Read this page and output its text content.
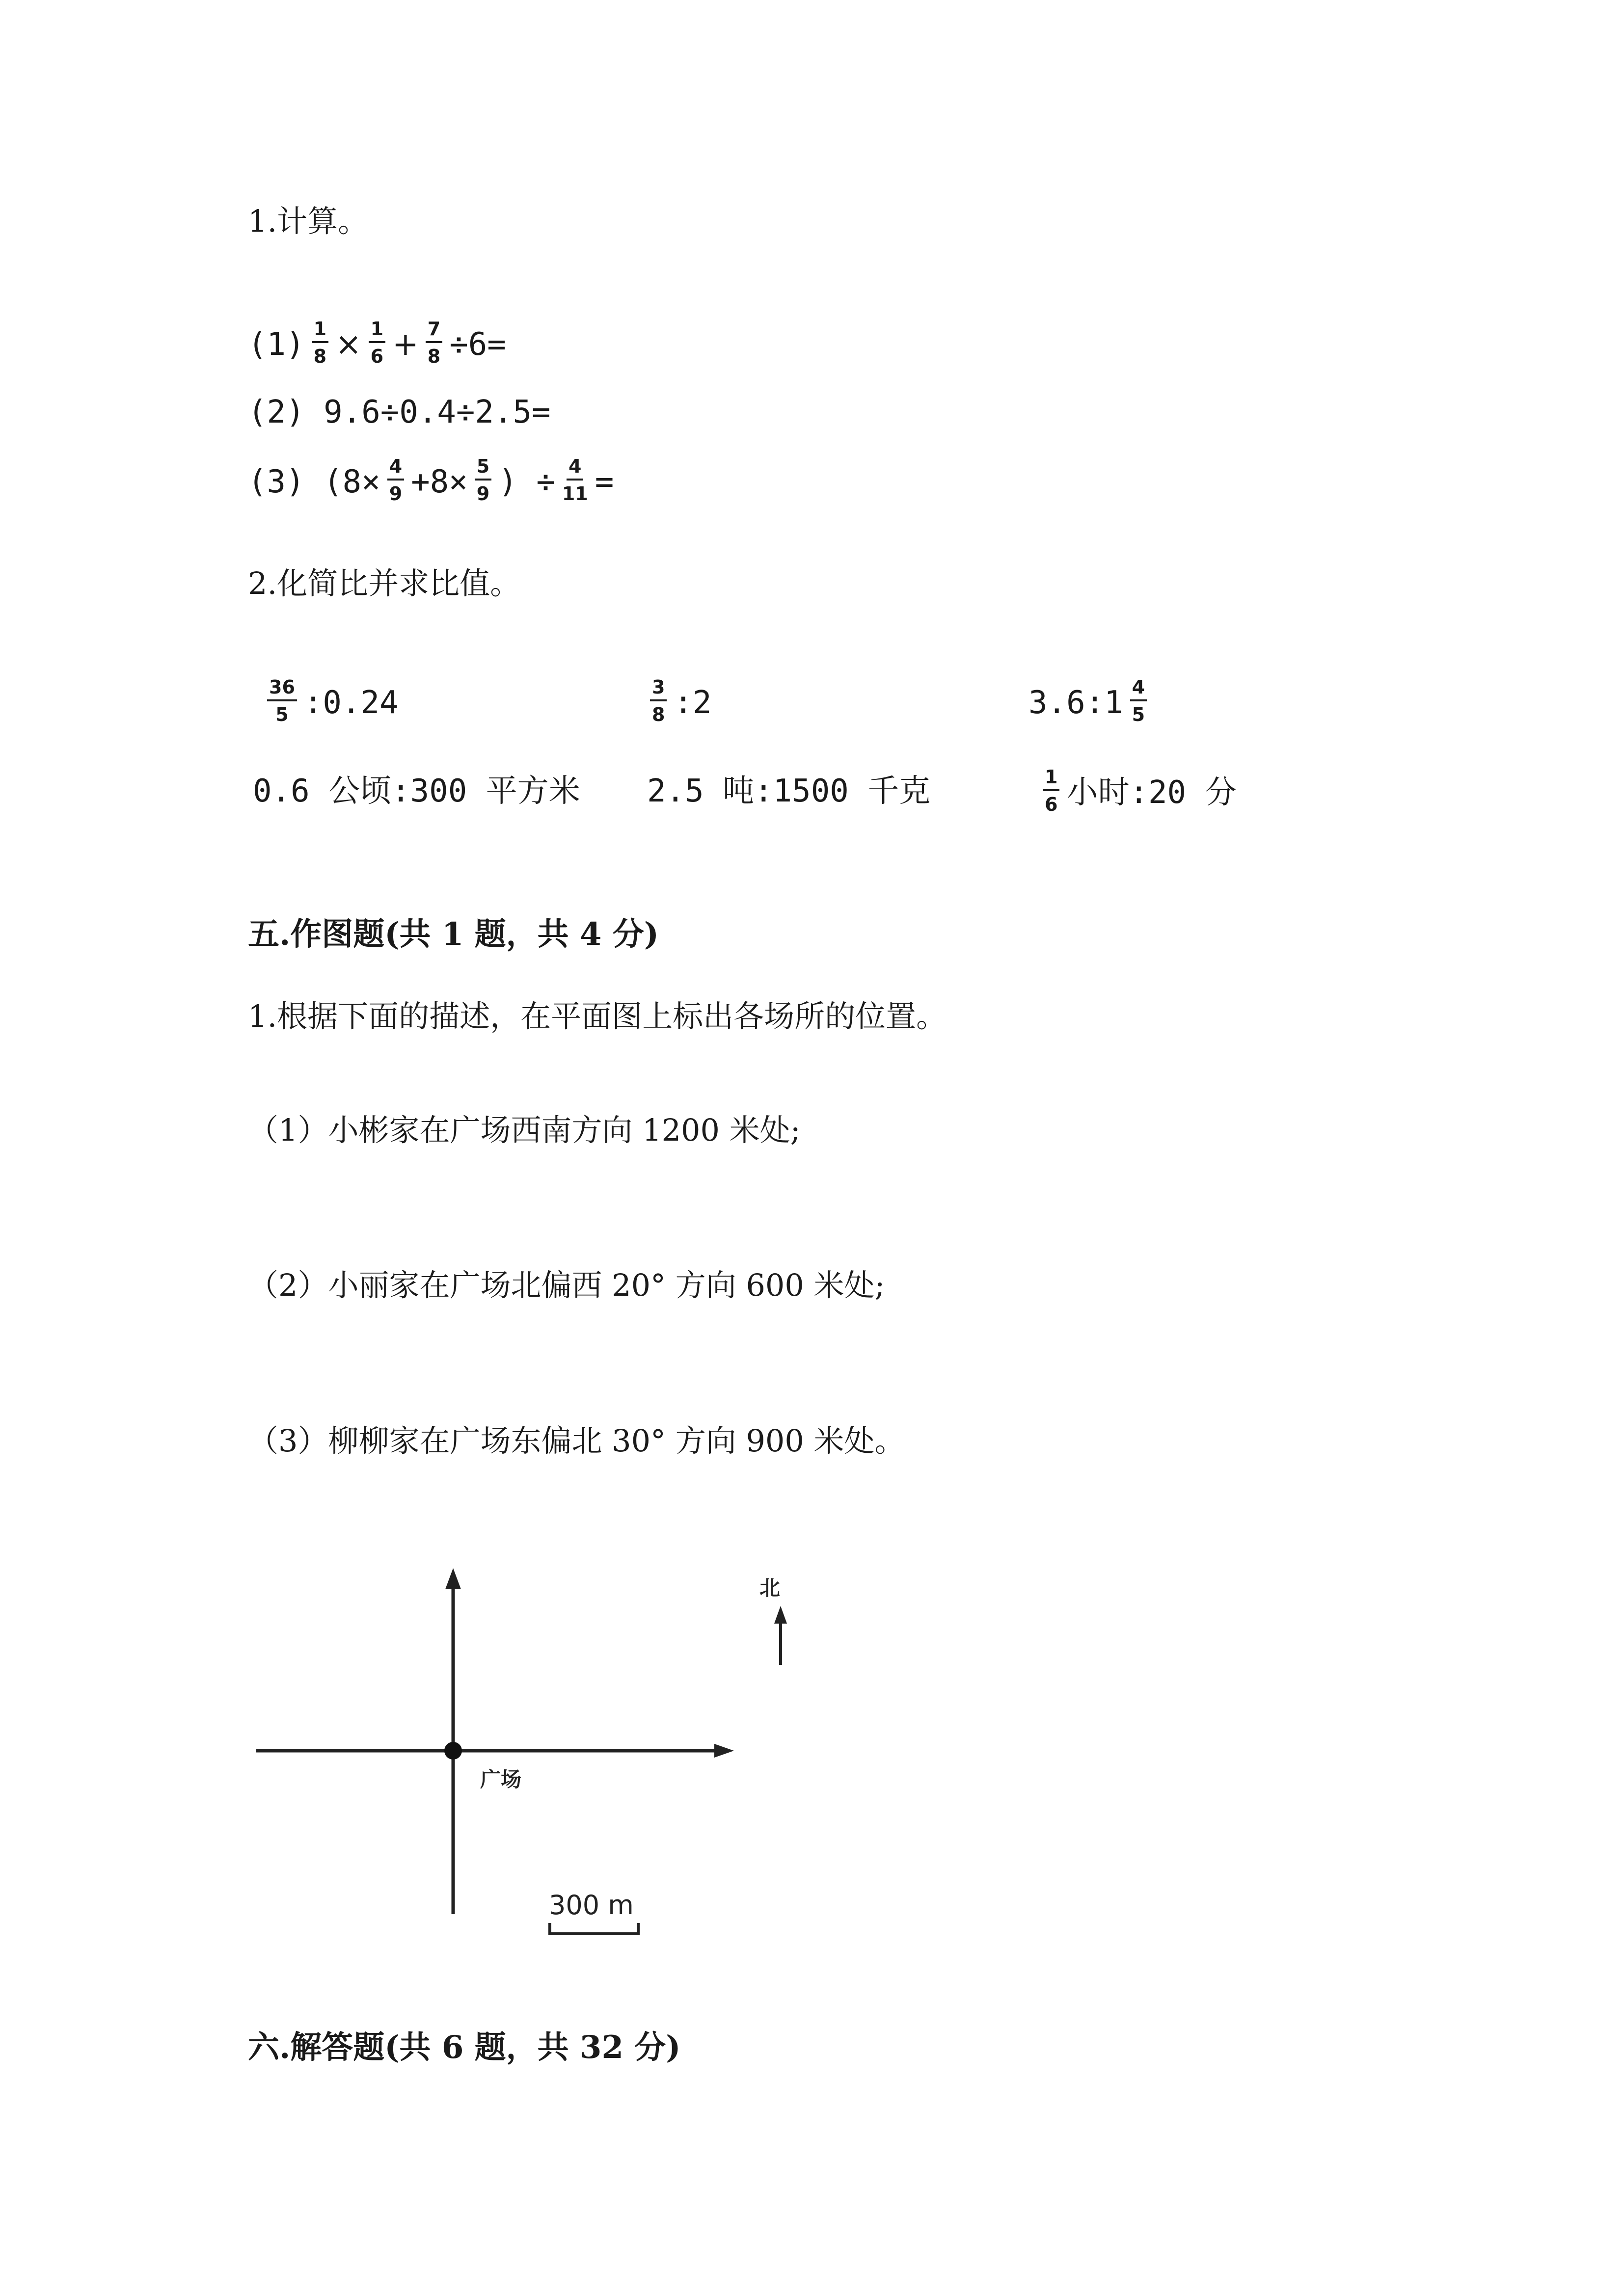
1.计算。
$(1) \frac{1}{8} \times \frac{1}{6} + \frac{7}{8} \div 6=$
(2) 9.6÷0.4÷2.5=
(3) ($8\times \frac{4}{9} +8\times \frac{5}{9}$ ) ÷ $\frac{4}{11}$ =
2.化简比并求比值。
$\frac{36}{5}$ :0.24	$\frac{3}{8}$ :2	3.6:1 $\frac{4}{5}$
0.6 公顷:300 平方米 2.5 吨:1500 千克	$\frac{1}{6}$ 小时:20 分
五.作图题(共 1 题，共 4 分)
1.根据下面的描述，在平面图上标出各场所的位置。
（1）小彬家在广场西南方向 1200 米处;
（2）小丽家在广场北偏西 20° 方向 600 米处;
（3）柳柳家在广场东偏北 30° 方向 900 米处。
广场
北
300 m
六.解答题(共 6 题，共 32 分)
